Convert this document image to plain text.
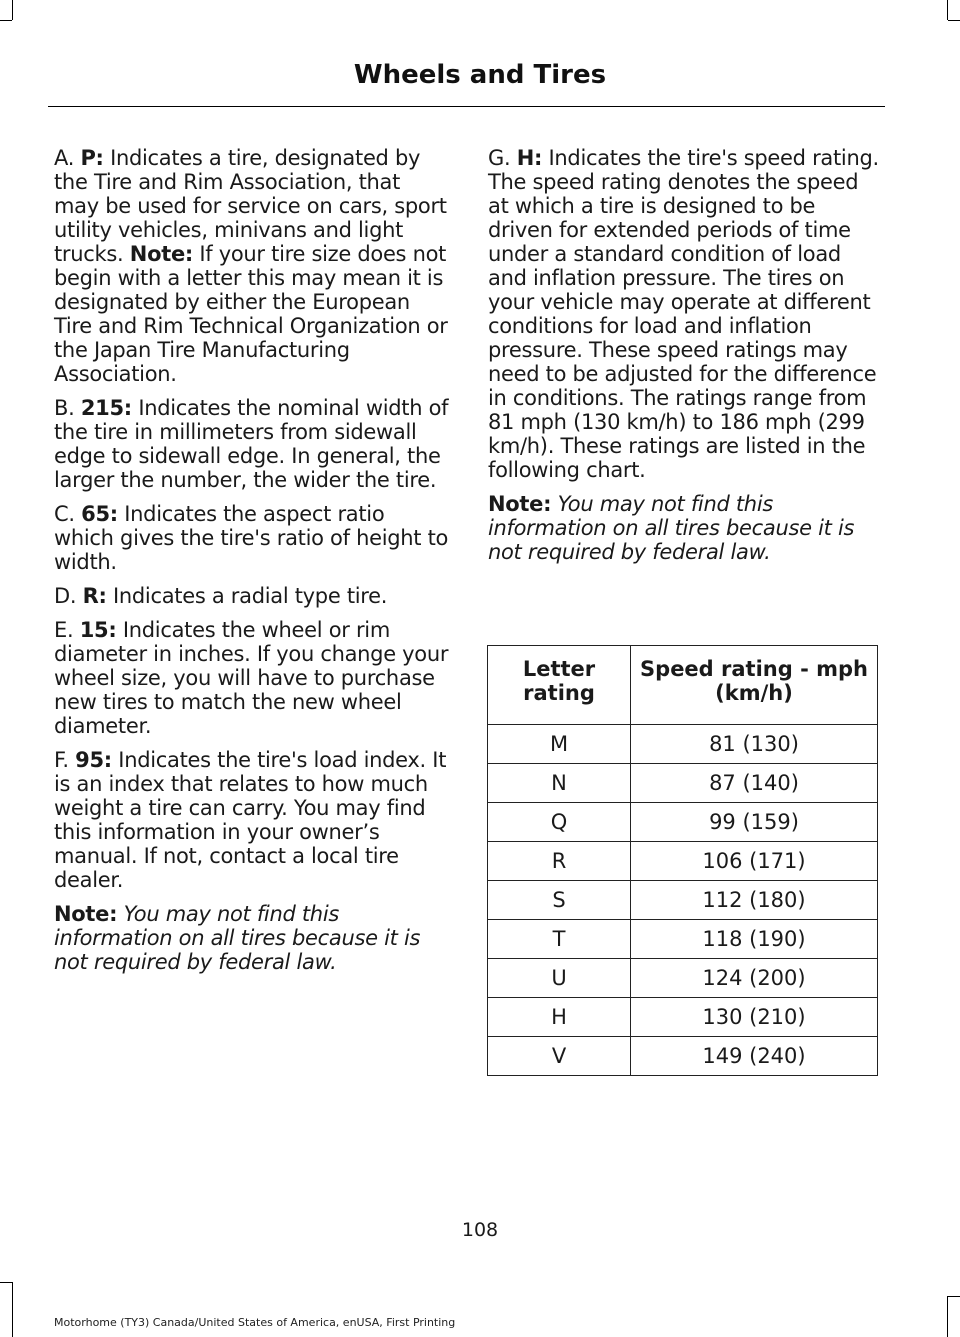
Wheels and Tires

A. P: Indicates a tire, designated by the Tire and Rim Association, that may be used for service on cars, sport utility vehicles, minivans and light trucks. Note: If your tire size does not begin with a letter this may mean it is designated by either the European Tire and Rim Technical Organization or the Japan Tire Manufacturing Association.

B. 215: Indicates the nominal width of the tire in millimeters from sidewall edge to sidewall edge. In general, the larger the number, the wider the tire.

C. 65: Indicates the aspect ratio which gives the tire's ratio of height to width.

D. R: Indicates a radial type tire.

E. 15: Indicates the wheel or rim diameter in inches. If you change your wheel size, you will have to purchase new tires to match the new wheel diameter.

F. 95: Indicates the tire's load index. It is an index that relates to how much weight a tire can carry. You may find this information in your owner’s manual. If not, contact a local tire dealer.

Note: You may not find this information on all tires because it is not required by federal law.

G. H: Indicates the tire's speed rating. The speed rating denotes the speed at which a tire is designed to be driven for extended periods of time under a standard condition of load and inflation pressure. The tires on your vehicle may operate at different conditions for load and inflation pressure. These speed ratings may need to be adjusted for the difference in conditions. The ratings range from 81 mph (130 km/h) to 186 mph (299 km/h). These ratings are listed in the following chart.

Note: You may not find this information on all tires because it is not required by federal law.

Letter rating	Speed rating - mph (km/h)
M	81 (130)
N	87 (140)
Q	99 (159)
R	106 (171)
S	112 (180)
T	118 (190)
U	124 (200)
H	130 (210)
V	149 (240)
108
Motorhome (TY3) Canada/United States of America, enUSA, First Printing
